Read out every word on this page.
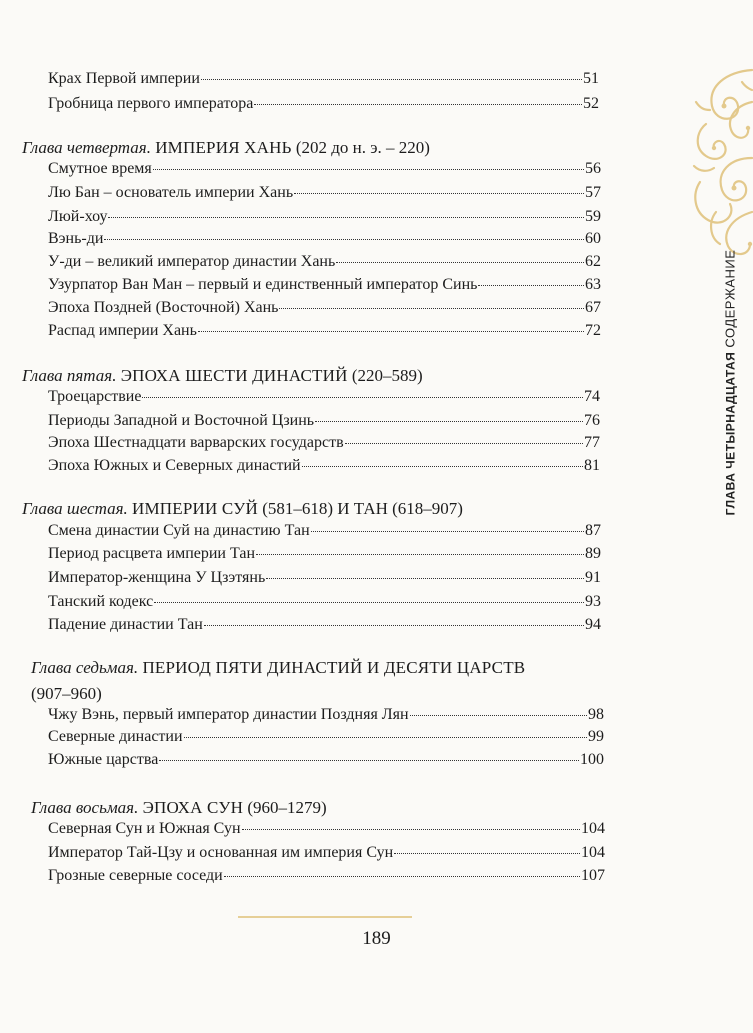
ГЛАВА ЧЕТЫРНАДЦАТАЯ СОДЕРЖАНИЕ
Крах Первой империи	51
Гробница первого императора	52
Глава четвертая. ИМПЕРИЯ ХАНЬ (202 до н. э. – 220)
Смутное время	56
Лю Бан – основатель империи Хань	57
Люй-хоу	59
Вэнь-ди	60
У-ди – великий император династии Хань	62
Узурпатор Ван Ман – первый и единственный император Синь	63
Эпоха Поздней (Восточной) Хань	67
Распад империи Хань	72
Глава пятая. ЭПОХА ШЕСТИ ДИНАСТИЙ (220–589)
Троецарствие	74
Периоды Западной и Восточной Цзинь	76
Эпоха Шестнадцати варварских государств	77
Эпоха Южных и Северных династий	81
Глава шестая. ИМПЕРИИ СУЙ (581–618) И ТАН (618–907)
Смена династии Суй на династию Тан	87
Период расцвета империи Тан	89
Император-женщина У Цзэтянь	91
Танский кодекс	93
Падение династии Тан	94
Глава седьмая. ПЕРИОД ПЯТИ ДИНАСТИЙ И ДЕСЯТИ ЦАРСТВ
(907–960)
Чжу Вэнь, первый император династии Поздняя Лян	98
Северные династии	99
Южные царства	100
Глава восьмая. ЭПОХА СУН (960–1279)
Северная Сун и Южная Сун	104
Император Тай-Цзу и основанная им империя Сун	104
Грозные северные соседи	107
189
